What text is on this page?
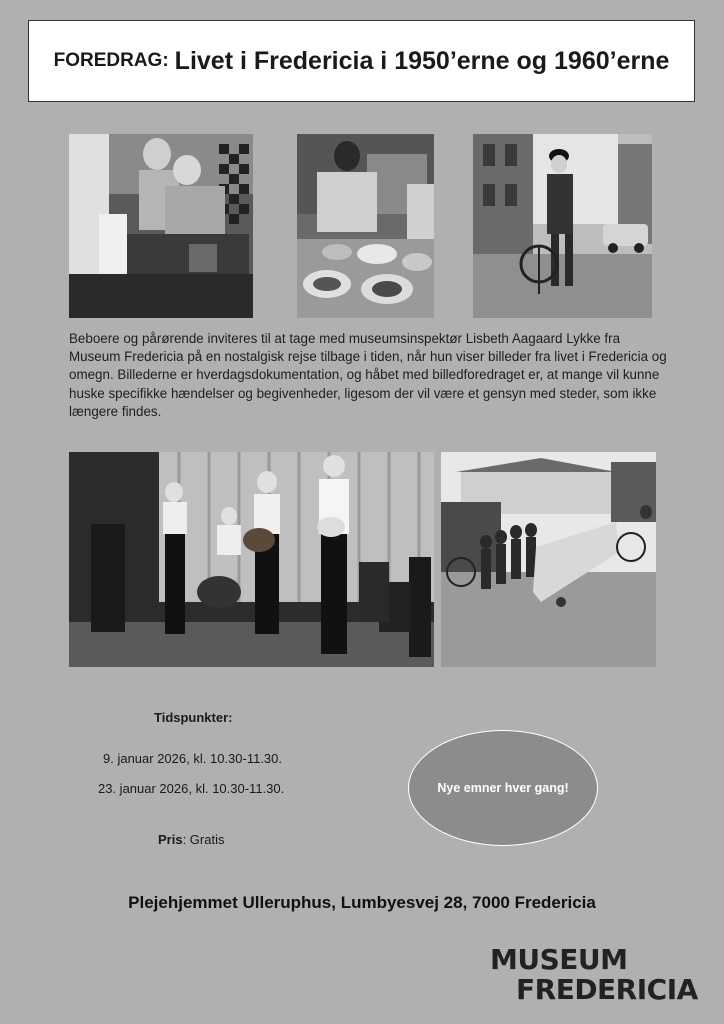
FOREDRAG: Livet i Fredericia i 1950’erne og 1960’erne

Beboere og pårørende inviteres til at tage med museumsinspektør Lisbeth Aagaard Lykke fra Museum Fredericia på en nostalgisk rejse tilbage i tiden, når hun viser billeder fra livet i Fredericia og omegn. Billederne er hverdagsdokumentation, og håbet med billedforedraget er, at mange vil kunne huske specifikke hændelser og begivenheder, ligesom der vil være et gensyn med steder, som ikke længere findes.

Tidspunkter:
9. januar 2026, kl. 10.30-11.30.
23. januar 2026, kl. 10.30-11.30.
Pris: Gratis
Nye emner hver gang!
Plejehjemmet Ulleruphus, Lumbyesvej 28, 7000 Fredericia
MUSEUM
FREDERICIA
